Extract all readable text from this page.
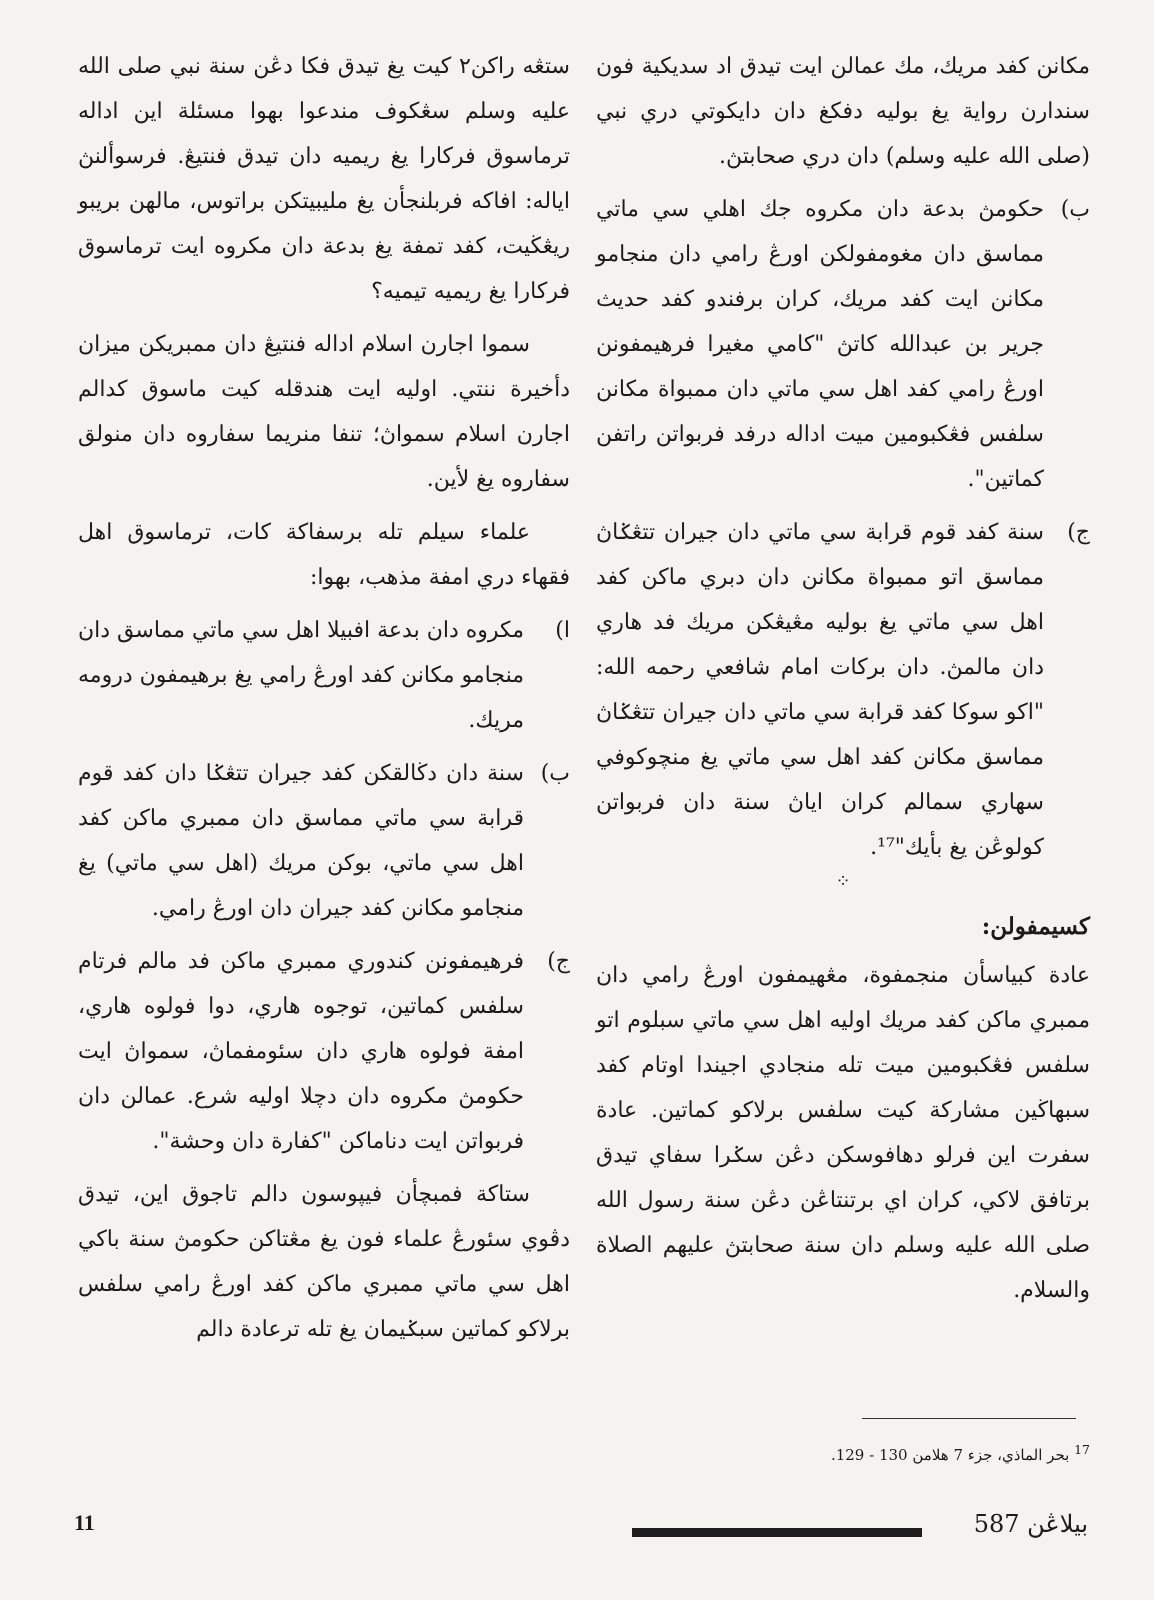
مكانن كفد مريك، مك عمالن ايت تيدق اد سديكية فون سندارن رواية يغ بوليه دفكغ دان دايكوتي دري نبي (صلى الله عليه وسلم) دان دري صحابتڽ.

ب)
حكومڽ بدعة دان مكروه جك اهلي سي ماتي مماسق دان مغومفولكن اورڠ رامي دان منجامو مكانن ايت كفد مريك، كران برفندو كفد حديث جرير بن عبدالله كاتڽ "كامي مغيرا فرهيمفونن اورڠ رامي كفد اهل سي ماتي دان ممبواة مكانن سلفس فڠكبومين ميت اداله درفد فربواتن راتفن كماتين".
ج)
سنة كفد قوم قرابة سي ماتي دان جيران تتڠݢاڽ مماسق اتو ممبواة مكانن دان دبري ماكن كفد اهل سي ماتي يغ بوليه مڠيڠكن مريك فد هاري دان مالمڽ. دان بركات امام شافعي رحمه الله: "اكو سوكا كفد قرابة سي ماتي دان جيران تتڠݢاڽ مماسق مكانن كفد اهل سي ماتي يغ منچوكوفي سهاري سمالم كران اياڽ سنة دان فربواتن كولوڠن يغ بأيك"¹⁷.
⁘
كسيمفولن:

عادة كبياسأن منجمفوة، مڠهيمفون اورڠ رامي دان ممبري ماكن كفد مريك اوليه اهل سي ماتي سبلوم اتو سلفس فڠكبومين ميت تله منجادي اجيندا اوتام كفد سبهاڬين مشاركة كيت سلفس برلاكو كماتين. عادة سفرت اين فرلو دهافوسكن دڠن سݢرا سفاي تيدق برتافق لاكي، كران اي برتنتاڠن دڠن سنة رسول الله صلى الله عليه وسلم دان سنة صحابتڽ عليهم الصلاة والسلام.

ستڠه راكن٢ كيت يغ تيدق فكا دڠن سنة نبي صلى الله عليه وسلم سڠكوف مندعوا بهوا مسئلة اين اداله ترماسوق فركارا يغ ريميه دان تيدق فنتيڠ. فرسوألنڽ اياله: افاكه فربلنجأن يغ مليبيتكن براتوس، مالهن بريبو ريڠڬيت، كفد تمفة يغ بدعة دان مكروه ايت ترماسوق فركارا يغ ريميه تيميه؟

سموا اجارن اسلام اداله فنتيڠ دان ممبريكن ميزان دأخيرة ننتي. اوليه ايت هندقله كيت ماسوق كدالم اجارن اسلام سمواڽ؛ تنفا منريما سفاروه دان منولق سفاروه يغ لأين.

علماء سيلم تله برسفاكة كات، ترماسوق اهل فقهاء دري امفة مذهب، بهوا:

ا)
مكروه دان بدعة افبيلا اهل سي ماتي مماسق دان منجامو مكانن كفد اورڠ رامي يغ برهيمفون درومه مريك.
ب)
سنة دان دڬالقكن كفد جيران تتڠݢا دان كفد قوم قرابة سي ماتي مماسق دان ممبري ماكن كفد اهل سي ماتي، بوكن مريك (اهل سي ماتي) يغ منجامو مكانن كفد جيران دان اورڠ رامي.
ج)
فرهيمفونن كندوري ممبري ماكن فد مالم فرتام سلفس كماتين، توجوه هاري، دوا فولوه هاري، امفة فولوه هاري دان سئومفماڽ، سمواڽ ايت حكومڽ مكروه دان دچلا اوليه شرع. عمالن دان فربواتن ايت دناماكن "كفارة دان وحشة".

ستاكة فمبچأن فيپوسون دالم تاجوق اين، تيدق دڤوي سئورڠ علماء فون يغ مڠتاكن حكومڽ سنة باكي اهل سي ماتي ممبري ماكن كفد اورڠ رامي سلفس برلاكو كماتين سبݢيمان يغ تله ترعادة دالم

$^{17}$ بحر الماذي، جزء 7 هلامن 130 - 129.
11	بيلاڠن 587
